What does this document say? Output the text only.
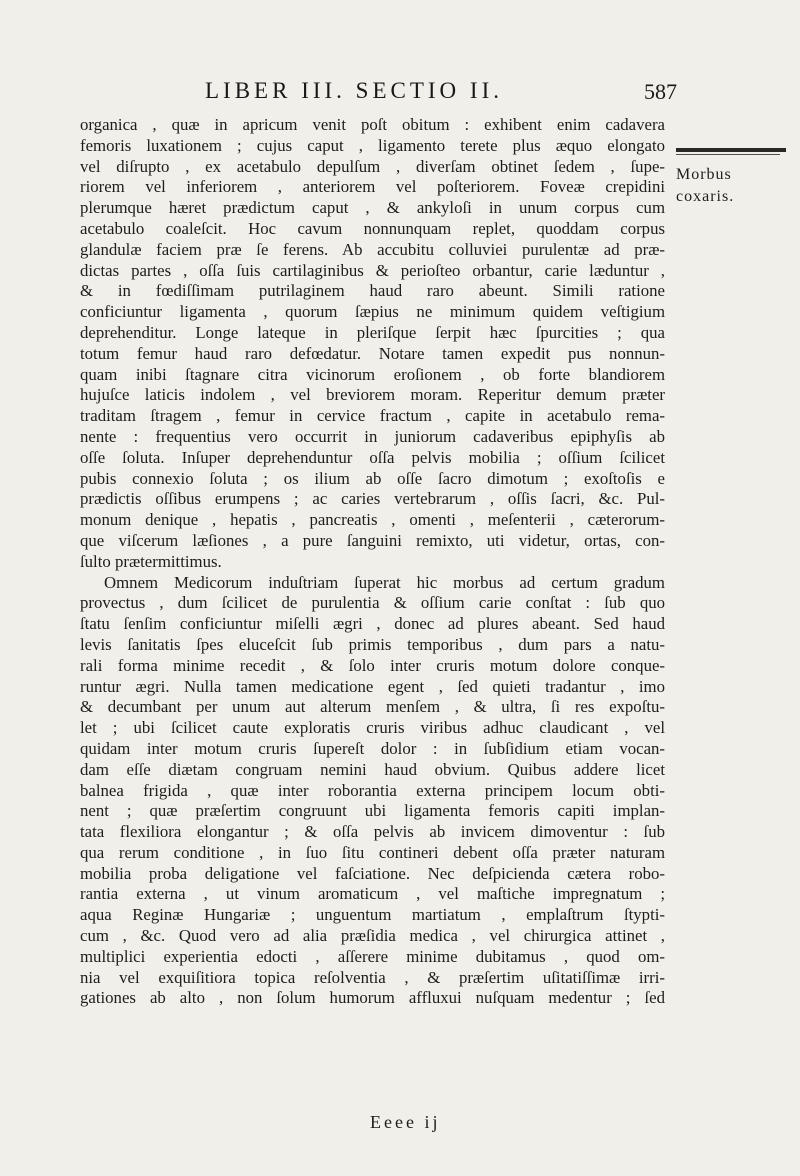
LIBER III. SECTIO II.	587
Morbus
coxaris.
organica , quæ in apricum venit poſt obitum : exhibent enim cadavera
femoris luxationem ; cujus caput , ligamento terete plus æquo elongato
vel diſrupto , ex acetabulo depulſum , diverſam obtinet ſedem , ſupe-
riorem vel inferiorem , anteriorem vel poſteriorem. Foveæ crepidini
plerumque hæret prædictum caput , & ankyloſi in unum corpus cum
acetabulo coaleſcit. Hoc cavum nonnunquam replet, quoddam corpus
glandulæ faciem præ ſe ferens. Ab accubitu colluviei purulentæ ad præ-
dictas partes , oſſa ſuis cartilaginibus & perioſteo orbantur, carie læduntur ,
& in fœdiſſimam putrilaginem haud raro abeunt. Simili ratione
conficiuntur ligamenta , quorum ſæpius ne minimum quidem veſtigium
deprehenditur. Longe lateque in pleriſque ſerpit hæc ſpurcities ; qua
totum femur haud raro defœdatur. Notare tamen expedit pus nonnun-
quam inibi ſtagnare citra vicinorum eroſionem , ob forte blandiorem
hujuſce laticis indolem , vel breviorem moram. Reperitur demum præter
traditam ſtragem , femur in cervice fractum , capite in acetabulo rema-
nente : frequentius vero occurrit in juniorum cadaveribus epiphyſis ab
oſſe ſoluta. Inſuper deprehenduntur oſſa pelvis mobilia ; oſſium ſcilicet
pubis connexio ſoluta ; os ilium ab oſſe ſacro dimotum ; exoſtoſis e
prædictis oſſibus erumpens ; ac caries vertebrarum , oſſis ſacri, &c. Pul-
monum denique , hepatis , pancreatis , omenti , meſenterii , cæterorum-
que viſcerum læſiones , a pure ſanguini remixto, uti videtur, ortas, con-
ſulto prætermittimus.
Omnem Medicorum induſtriam ſuperat hic morbus ad certum gradum
provectus , dum ſcilicet de purulentia & oſſium carie conſtat : ſub quo
ſtatu ſenſim conficiuntur miſelli ægri , donec ad plures abeant. Sed haud
levis ſanitatis ſpes eluceſcit ſub primis temporibus , dum pars a natu-
rali forma minime recedit , & ſolo inter cruris motum dolore conque-
runtur ægri. Nulla tamen medicatione egent , ſed quieti tradantur , imo
& decumbant per unum aut alterum menſem , & ultra, ſi res expoſtu-
let ; ubi ſcilicet caute exploratis cruris viribus adhuc claudicant , vel
quidam inter motum cruris ſupereſt dolor : in ſubſidium etiam vocan-
dam eſſe diætam congruam nemini haud obvium. Quibus addere licet
balnea frigida , quæ inter roborantia externa principem locum obti-
nent ; quæ præſertim congruunt ubi ligamenta femoris capiti implan-
tata flexiliora elongantur ; & oſſa pelvis ab invicem dimoventur : ſub
qua rerum conditione , in ſuo ſitu contineri debent oſſa præter naturam
mobilia proba deligatione vel faſciatione. Nec deſpicienda cætera robo-
rantia externa , ut vinum aromaticum , vel maſtiche impregnatum ;
aqua Reginæ Hungariæ ; unguentum martiatum , emplaſtrum ſtypti-
cum , &c. Quod vero ad alia præſidia medica , vel chirurgica attinet ,
multiplici experientia edocti , aſſerere minime dubitamus , quod om-
nia vel exquiſitiora topica reſolventia , & præſertim uſitatiſſimæ irri-
gationes ab alto , non ſolum humorum affluxui nuſquam medentur ; ſed
Eeee ij
